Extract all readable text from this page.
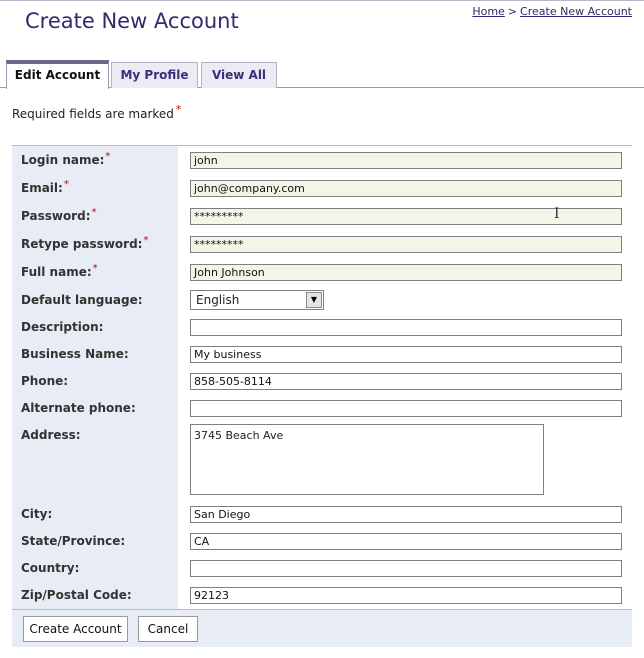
Create New Account	Home > Create New Account
Edit Account	My Profile	View All
Required fields are marked *
Login name:*	john
Email:*	john@company.com
Password:*	*********
Retype password:*	*********
Full name:*	John Johnson
Default language:	English	▼
Description:
Business Name:	My business
Phone:	858-505-8114
Alternate phone:
Address:	3745 Beach Ave
City:	San Diego
State/Province:	CA
Country:
Zip/Postal Code:	92123
I
Create Account	Cancel
